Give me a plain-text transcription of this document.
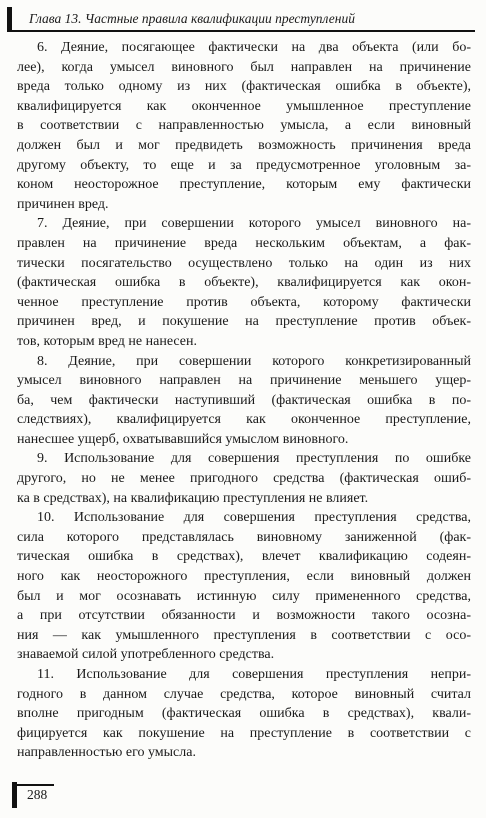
Глава 13. Частные правила квалификации преступлений
6. Деяние, посягающее фактически на два объекта (или бо-
лее), когда умысел виновного был направлен на причинение
вреда только одному из них (фактическая ошибка в объекте),
квалифицируется как оконченное умышленное преступление
в соответствии с направленностью умысла, а если виновный
должен был и мог предвидеть возможность причинения вреда
другому объекту, то еще и за предусмотренное уголовным за-
коном неосторожное преступление, которым ему фактически
причинен вред.
7. Деяние, при совершении которого умысел виновного на-
правлен на причинение вреда нескольким объектам, а фак-
тически посягательство осуществлено только на один из них
(фактическая ошибка в объекте), квалифицируется как окон-
ченное преступление против объекта, которому фактически
причинен вред, и покушение на преступление против объек-
тов, которым вред не нанесен.
8. Деяние, при совершении которого конкретизированный
умысел виновного направлен на причинение меньшего ущер-
ба, чем фактически наступивший (фактическая ошибка в по-
следствиях), квалифицируется как оконченное преступление,
нанесшее ущерб, охватывавшийся умыслом виновного.
9. Использование для совершения преступления по ошибке
другого, но не менее пригодного средства (фактическая ошиб-
ка в средствах), на квалификацию преступления не влияет.
10. Использование для совершения преступления средства,
сила которого представлялась виновному заниженной (фак-
тическая ошибка в средствах), влечет квалификацию содеян-
ного как неосторожного преступления, если виновный должен
был и мог осознавать истинную силу примененного средства,
а при отсутствии обязанности и возможности такого осозна-
ния — как умышленного преступления в соответствии с осо-
знаваемой силой употребленного средства.
11. Использование для совершения преступления непри-
годного в данном случае средства, которое виновный считал
вполне пригодным (фактическая ошибка в средствах), квали-
фицируется как покушение на преступление в соответствии с
направленностью его умысла.
288
